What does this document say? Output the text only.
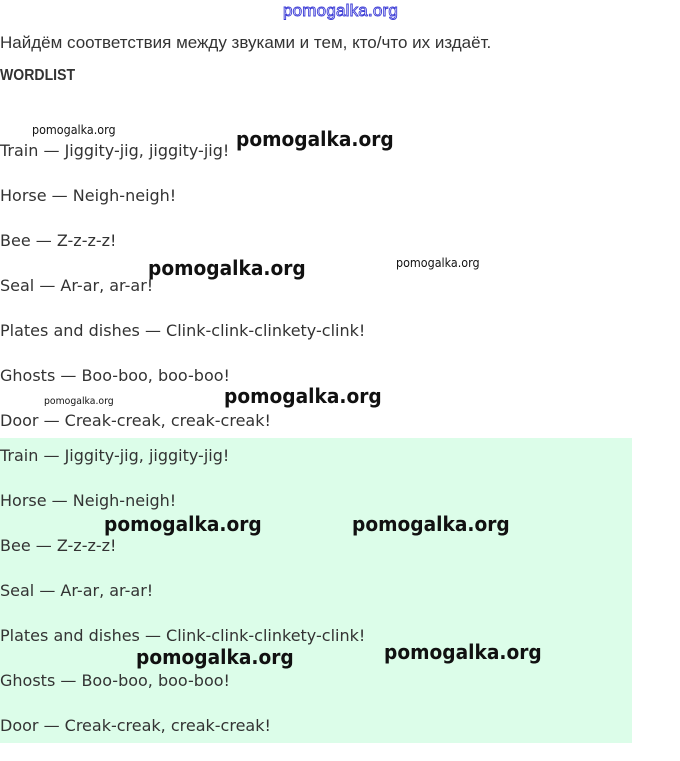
pomogalka.org
Найдём соответствия между звуками и тем, кто/что их издаёт.
WORDLIST
Train — Jiggity-jig, jiggity-jig!
Horse — Neigh-neigh!
Bee — Z-z-z-z!
Seal — Ar-ar, ar-ar!
Plates and dishes — Clink-clink-clinkety-clink!
Ghosts — Boo-boo, boo-boo!
Door — Creak-creak, creak-creak!
Train — Jiggity-jig, jiggity-jig!
Horse — Neigh-neigh!
Bee — Z-z-z-z!
Seal — Ar-ar, ar-ar!
Plates and dishes — Clink-clink-clinkety-clink!
Ghosts — Boo-boo, boo-boo!
Door — Creak-creak, creak-creak!
pomogalka.org	pomogalka.org
pomogalka.org	pomogalka.org
pomogalka.org
pomogalka.org
pomogalka.org	pomogalka.org
pomogalka.org	pomogalka.org
